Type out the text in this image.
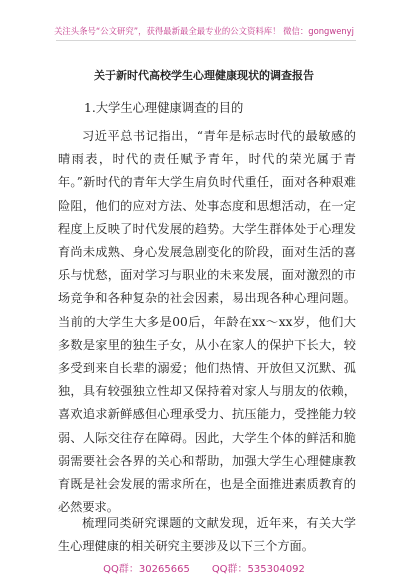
关注头条号“公文研究”，获得最新最全最专业的公文资料库！ 微信：gongwenyj
关于新时代高校学生心理健康现状的调查报告
1.大学生心理健康调查的目的

习近平总书记指出，“青年是标志时代的最敏感的晴雨表，时代的责任赋予青年，时代的荣光属于青年。”新时代的青年大学生肩负时代重任，面对各种艰难险阻，他们的应对方法、处事态度和思想活动，在一定程度上反映了时代发展的趋势。大学生群体处于心理发育尚未成熟、身心发展急剧变化的阶段，面对生活的喜乐与忧愁，面对学习与职业的未来发展，面对激烈的市场竞争和各种复杂的社会因素，易出现各种心理问题。当前的大学生大多是00后，年龄在xx～xx岁，他们大多数是家里的独生子女，从小在家人的保护下长大，较多受到来自长辈的溺爱；他们热情、开放但又沉默、孤独，具有较强独立性却又保持着对家人与朋友的依赖，喜欢追求新鲜感但心理承受力、抗压能力，受挫能力较弱、人际交往存在障碍。因此，大学生个体的鲜活和脆弱需要社会各界的关心和帮助，加强大学生心理健康教育既是社会发展的需求所在，也是全面推进素质教育的必然要求。

梳理同类研究课题的文献发现，近年来，有关大学生心理健康的相关研究主要涉及以下三个方面。

QQ群：30265665 QQ群：535304092
